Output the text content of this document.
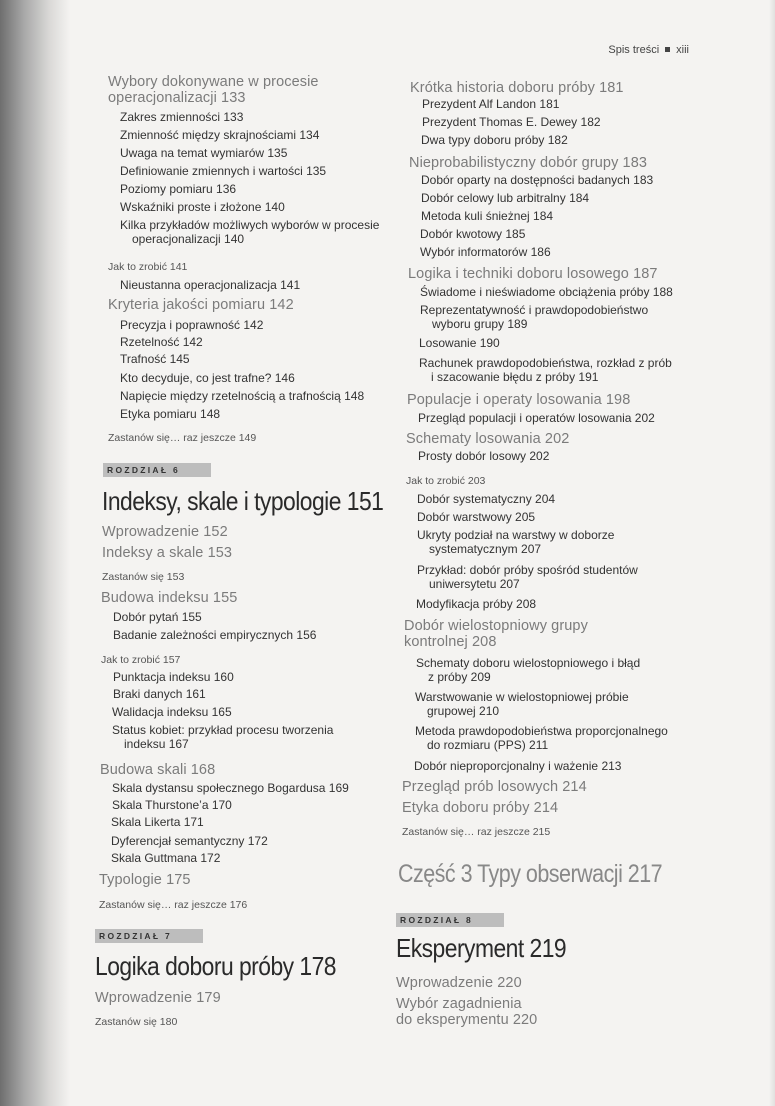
Spis treści xiii
ROZDZIAŁ 6
Indeksy, skale i typologie 151
ROZDZIAŁ 7
Logika doboru próby 178
Część 3 Typy obserwacji 217
ROZDZIAŁ 8
Eksperyment 219
Wybory dokonywane w procesie
operacjonalizacji 133
Zakres zmienności 133
Zmienność między skrajnościami 134
Uwaga na temat wymiarów 135
Definiowanie zmiennych i wartości 135
Poziomy pomiaru 136
Wskaźniki proste i złożone 140
Kilka przykładów możliwych wyborów w procesie
operacjonalizacji 140
Jak to zrobić 141
Nieustanna operacjonalizacja 141
Kryteria jakości pomiaru 142
Precyzja i poprawność 142
Rzetelność 142
Trafność 145
Kto decyduje, co jest trafne? 146
Napięcie między rzetelnością a trafnością 148
Etyka pomiaru 148
Zastanów się… raz jeszcze 149
Wprowadzenie 152
Indeksy a skale 153
Zastanów się 153
Budowa indeksu 155
Dobór pytań 155
Badanie zależności empirycznych 156
Jak to zrobić 157
Punktacja indeksu 160
Braki danych 161
Walidacja indeksu 165
Status kobiet: przykład procesu tworzenia
indeksu 167
Budowa skali 168
Skala dystansu społecznego Bogardusa 169
Skala Thurstone’a 170
Skala Likerta 171
Dyferencjał semantyczny 172
Skala Guttmana 172
Typologie 175
Zastanów się… raz jeszcze 176
Wprowadzenie 179
Zastanów się 180
Krótka historia doboru próby 181
Prezydent Alf Landon 181
Prezydent Thomas E. Dewey 182
Dwa typy doboru próby 182
Nieprobabilistyczny dobór grupy 183
Dobór oparty na dostępności badanych 183
Dobór celowy lub arbitralny 184
Metoda kuli śnieżnej 184
Dobór kwotowy 185
Wybór informatorów 186
Logika i techniki doboru losowego 187
Świadome i nieświadome obciążenia próby 188
Reprezentatywność i prawdopodobieństwo
wyboru grupy 189
Losowanie 190
Rachunek prawdopodobieństwa, rozkład z prób
i szacowanie błędu z próby 191
Populacje i operaty losowania 198
Przegląd populacji i operatów losowania 202
Schematy losowania 202
Prosty dobór losowy 202
Jak to zrobić 203
Dobór systematyczny 204
Dobór warstwowy 205
Ukryty podział na warstwy w doborze
systematycznym 207
Przykład: dobór próby spośród studentów
uniwersytetu 207
Modyfikacja próby 208
Dobór wielostopniowy grupy
kontrolnej 208
Schematy doboru wielostopniowego i błąd
z próby 209
Warstwowanie w wielostopniowej próbie
grupowej 210
Metoda prawdopodobieństwa proporcjonalnego
do rozmiaru (PPS) 211
Dobór nieproporcjonalny i ważenie 213
Przegląd prób losowych 214
Etyka doboru próby 214
Zastanów się… raz jeszcze 215
Wprowadzenie 220
Wybór zagadnienia
do eksperymentu 220
